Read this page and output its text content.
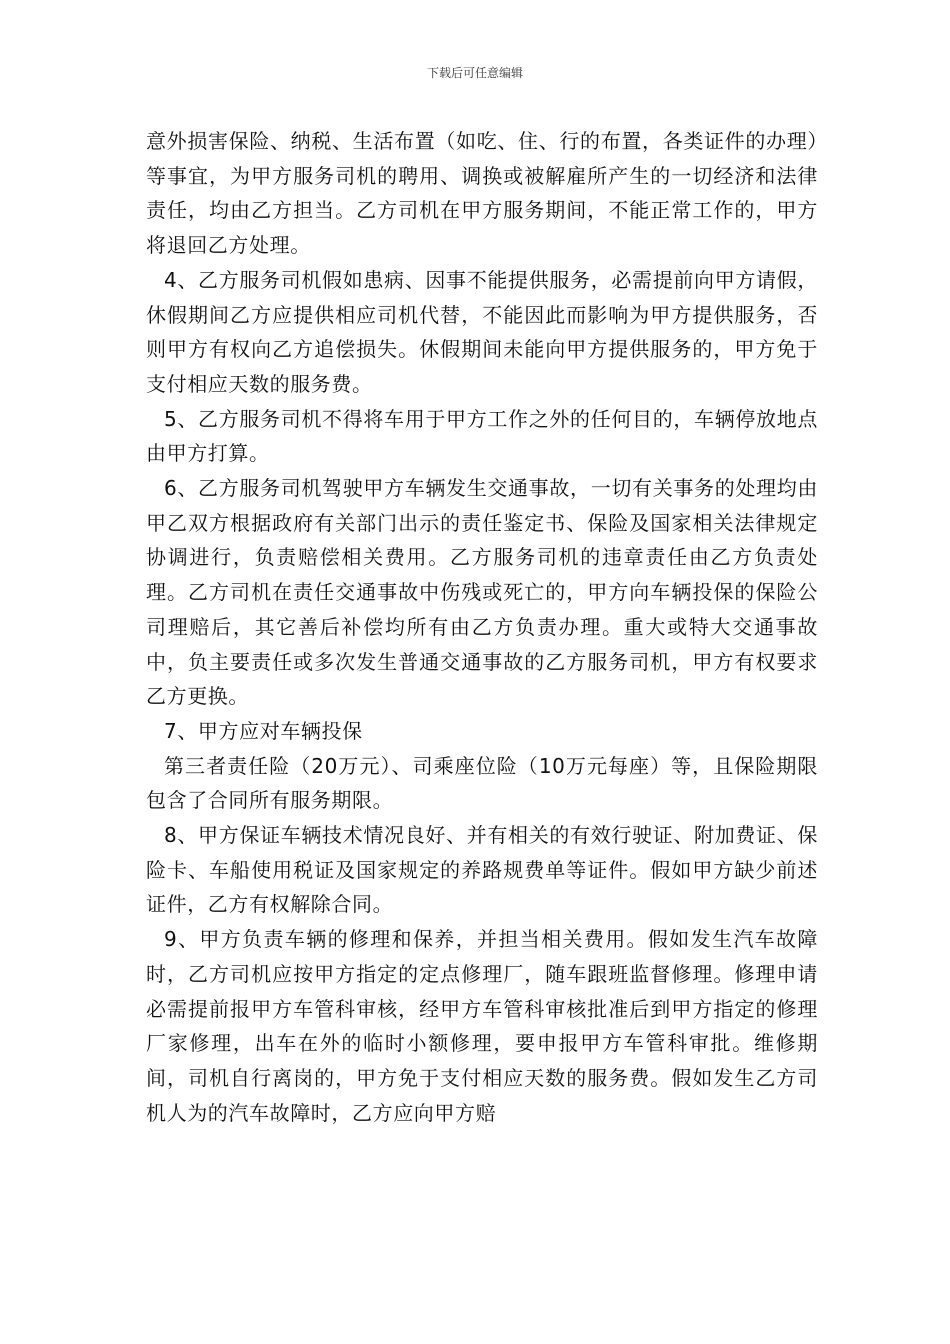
下载后可任意编辑

意外损害保险、纳税、生活布置（如吃、住、行的布置，各类证件的办理）等事宜，为甲方服务司机的聘用、调换或被解雇所产生的一切经济和法律责任，均由乙方担当。乙方司机在甲方服务期间，不能正常工作的，甲方将退回乙方处理。

4、乙方服务司机假如患病、因事不能提供服务，必需提前向甲方请假，休假期间乙方应提供相应司机代替，不能因此而影响为甲方提供服务，否则甲方有权向乙方追偿损失。休假期间未能向甲方提供服务的，甲方免于支付相应天数的服务费。

5、乙方服务司机不得将车用于甲方工作之外的任何目的，车辆停放地点由甲方打算。

6、乙方服务司机驾驶甲方车辆发生交通事故，一切有关事务的处理均由甲乙双方根据政府有关部门出示的责任鉴定书、保险及国家相关法律规定协调进行，负责赔偿相关费用。乙方服务司机的违章责任由乙方负责处理。乙方司机在责任交通事故中伤残或死亡的，甲方向车辆投保的保险公司理赔后，其它善后补偿均所有由乙方负责办理。重大或特大交通事故中，负主要责任或多次发生普通交通事故的乙方服务司机，甲方有权要求乙方更换。

7、甲方应对车辆投保

第三者责任险（20万元）、司乘座位险（10万元每座）等，且保险期限包含了合同所有服务期限。

8、甲方保证车辆技术情况良好、并有相关的有效行驶证、附加费证、保险卡、车船使用税证及国家规定的养路规费单等证件。假如甲方缺少前述证件，乙方有权解除合同。

9、甲方负责车辆的修理和保养，并担当相关费用。假如发生汽车故障时，乙方司机应按甲方指定的定点修理厂，随车跟班监督修理。修理申请必需提前报甲方车管科审核，经甲方车管科审核批准后到甲方指定的修理厂家修理，出车在外的临时小额修理，要申报甲方车管科审批。维修期间，司机自行离岗的，甲方免于支付相应天数的服务费。假如发生乙方司机人为的汽车故障时，乙方应向甲方赔
